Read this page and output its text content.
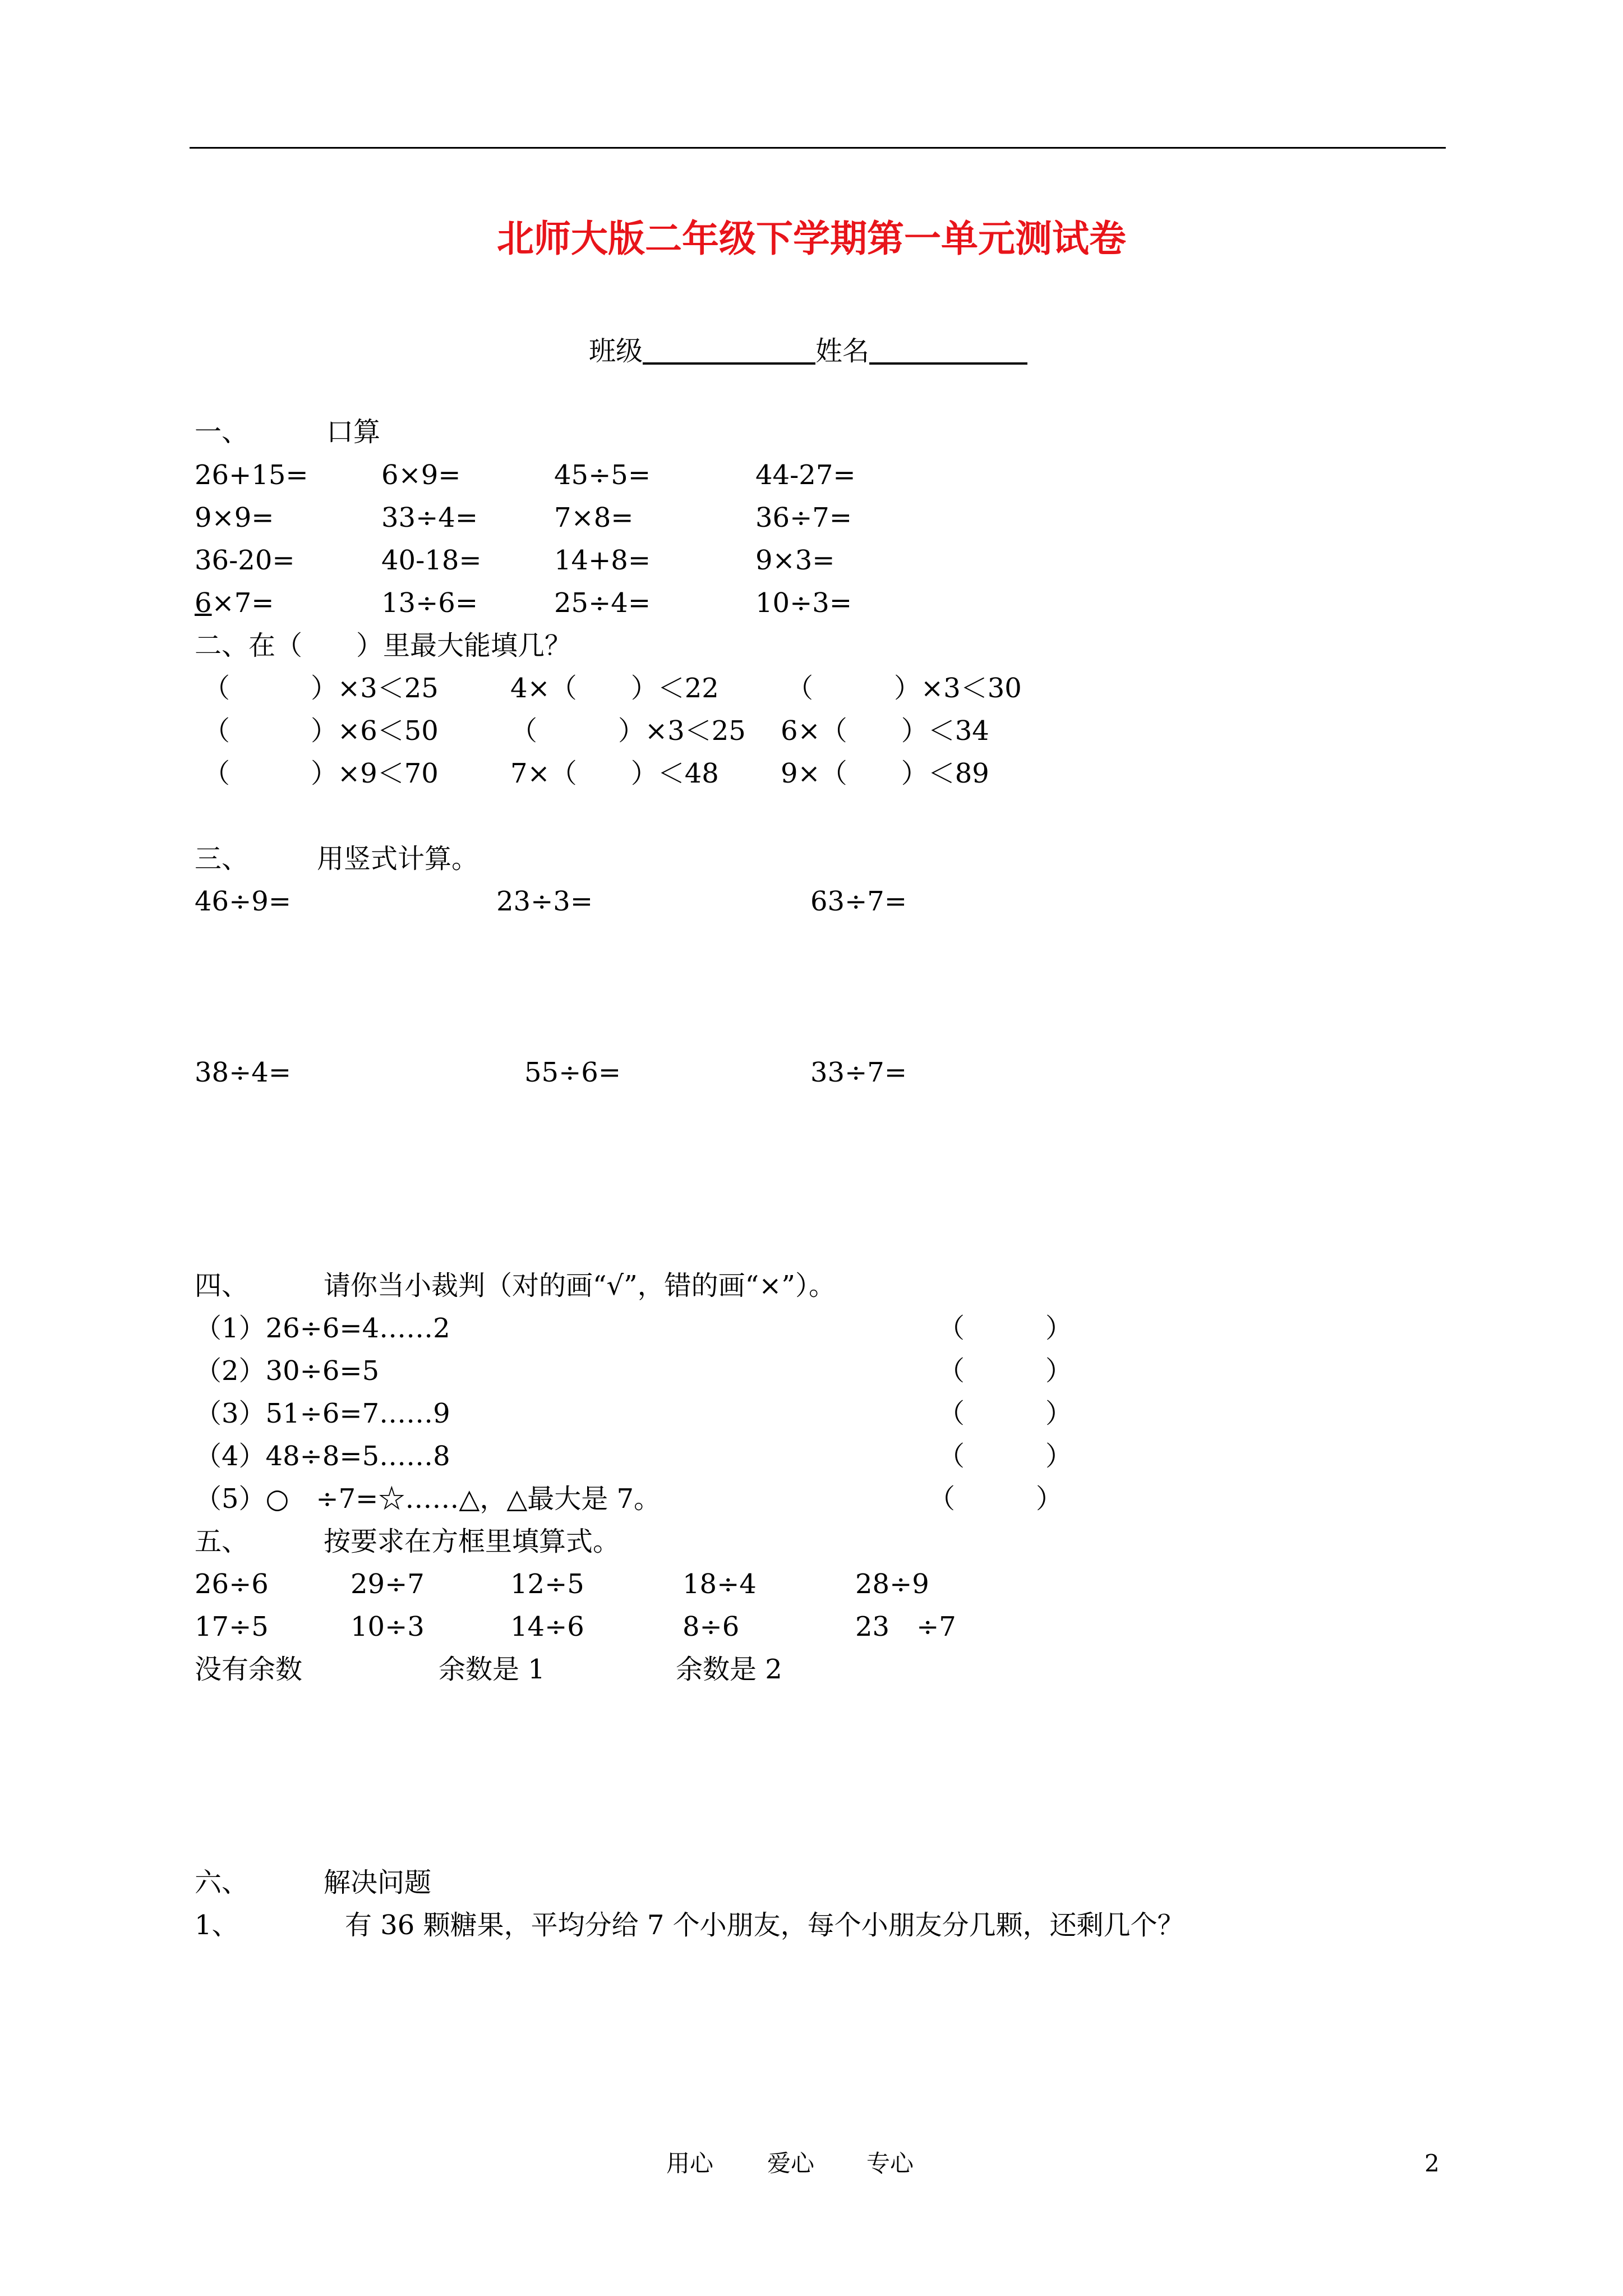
北师大版二年级下学期第一单元测试卷
班级	姓名
一、	口算
26+15=	6×9=	45÷5=	44-27=
9×9=	33÷4=	7×8=	36÷7=
36-20=	40-18=	14+8=	9×3=
6×7=	13÷6=	25÷4=	10÷3=
二、在（　　）里最大能填几？
（　　　）×3＜25	4×（　　）＜22	（　　　）×3＜30
（　　　）×6＜50	（　　　）×3＜25 6×（　　）＜34
（　　　）×9＜70	7×（　　）＜48 9×（　　）＜89
三、	用竖式计算。
46÷9=	23÷3=	63÷7=
38÷4=	55÷6=	33÷7=
四、	请你当小裁判（对的画“√”，错的画“×”）。
（1）26÷6=4……2	（　　　）
（2）30÷6=5	（　　　）
（3）51÷6=7……9	（　　　）
（4）48÷8=5……8	（　　　）
（5）○　÷7=☆……△，△最大是 7。	（　　　）
五、	按要求在方框里填算式。
26÷6	29÷7	12÷5	18÷4	28÷9
17÷5	10÷3	14÷6	8÷6	23　÷7
没有余数	余数是 1	余数是 2
六、	解决问题
1、	有 36 颗糖果，平均分给 7 个小朋友，每个小朋友分几颗，还剩几个？
用心 爱心 专心	2
